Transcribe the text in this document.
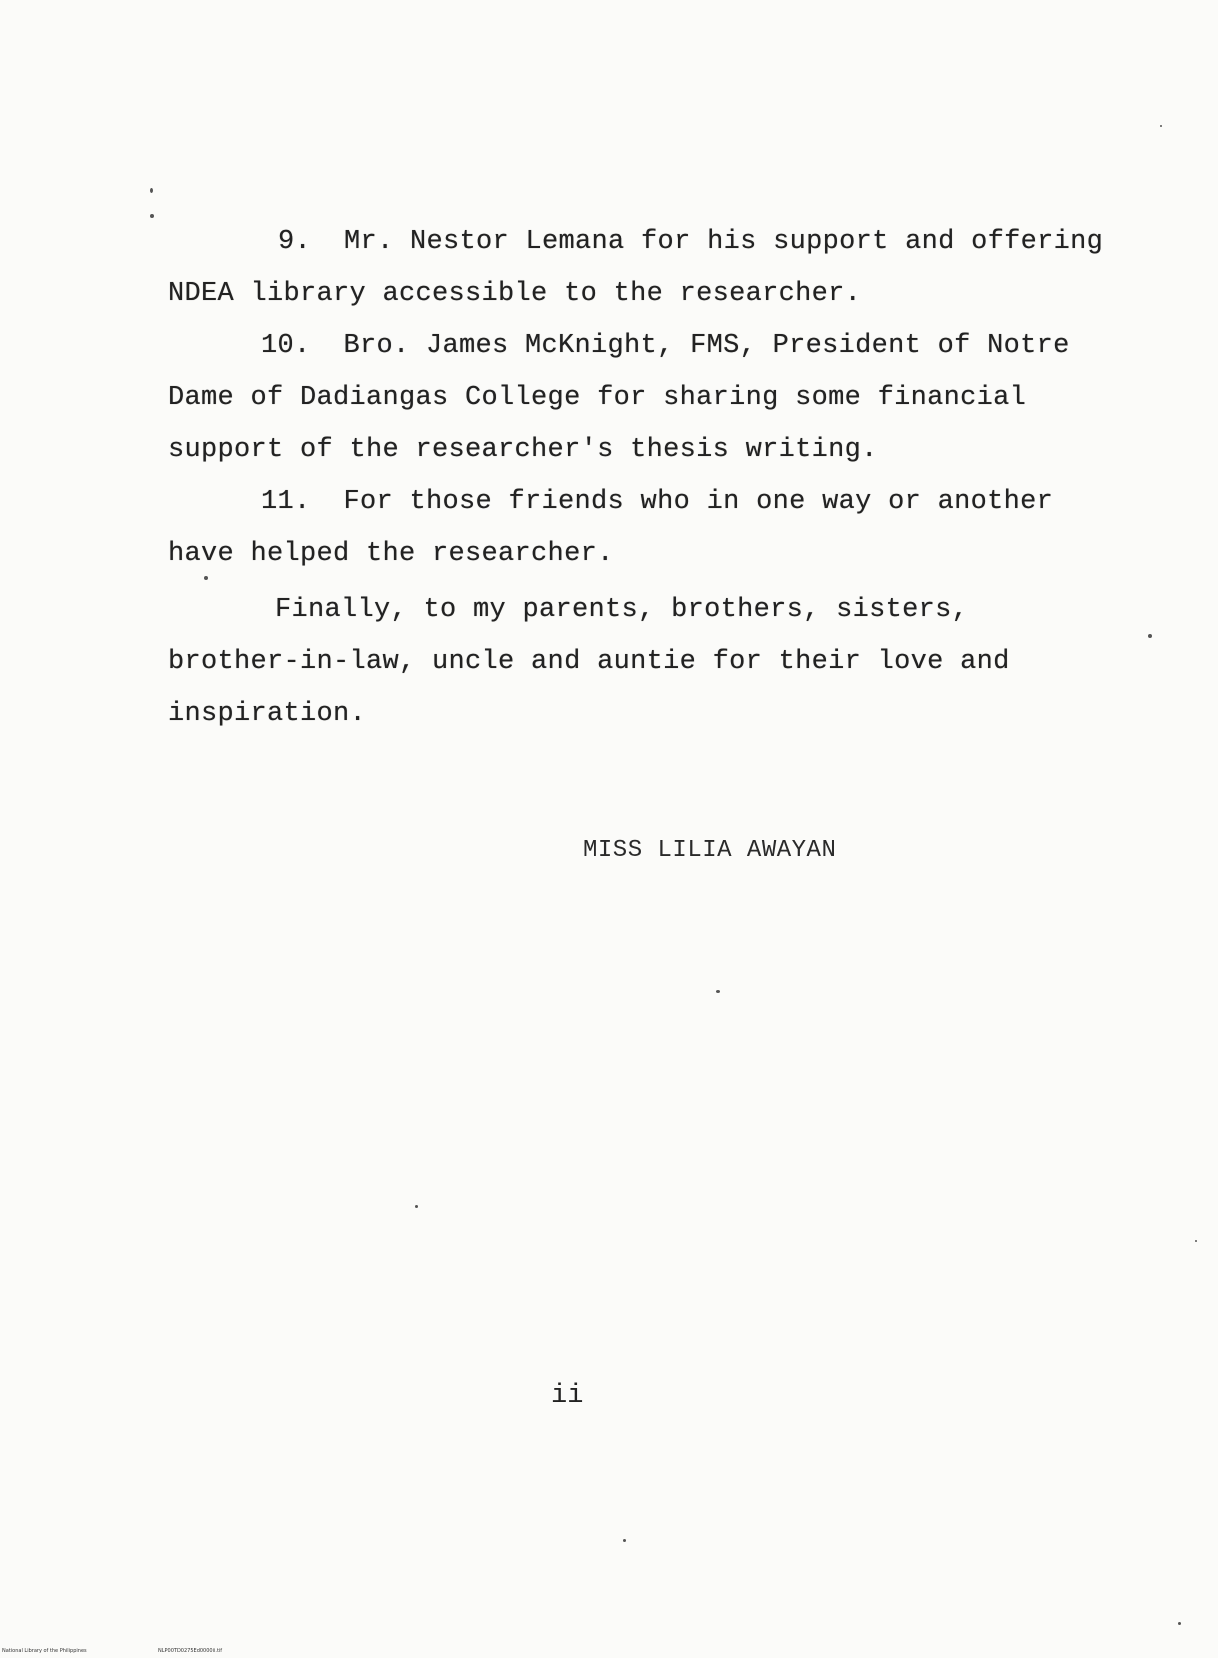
9.  Mr. Nestor Lemana for his support and offering
NDEA library accessible to the researcher.
10.  Bro. James McKnight, FMS, President of Notre
Dame of Dadiangas College for sharing some financial
support of the researcher's thesis writing.
11.  For those friends who in one way or another
have helped the researcher.
Finally, to my parents, brothers, sisters,
brother-in-law, uncle and auntie for their love and
inspiration.
MISS LILIA AWAYAN
ii
National Library of the Philippines	NLP00TD0275Ed0000ii.tif
